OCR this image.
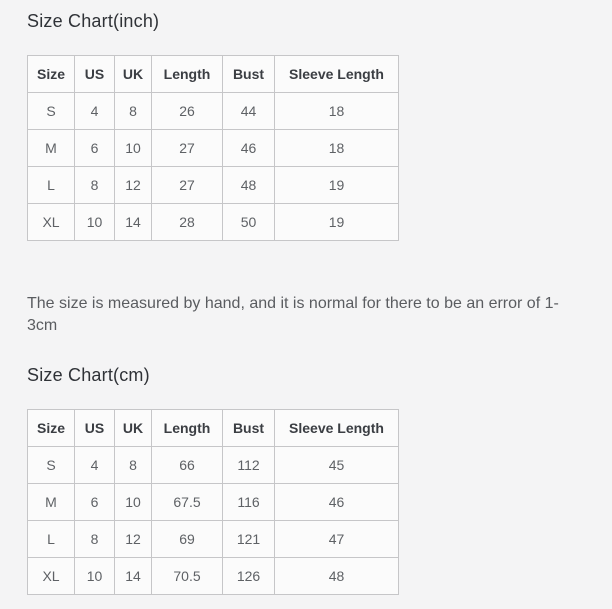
Size Chart(inch)
Size	US	UK	Length	Bust	Sleeve Length
S	4	8	26	44	18
M	6	10	27	46	18
L	8	12	27	48	19
XL	10	14	28	50	19

The size is measured by hand, and it is normal for there to be an error of 1-3cm

Size Chart(cm)
Size	US	UK	Length	Bust	Sleeve Length
S	4	8	66	112	45
M	6	10	67.5	116	46
L	8	12	69	121	47
XL	10	14	70.5	126	48
